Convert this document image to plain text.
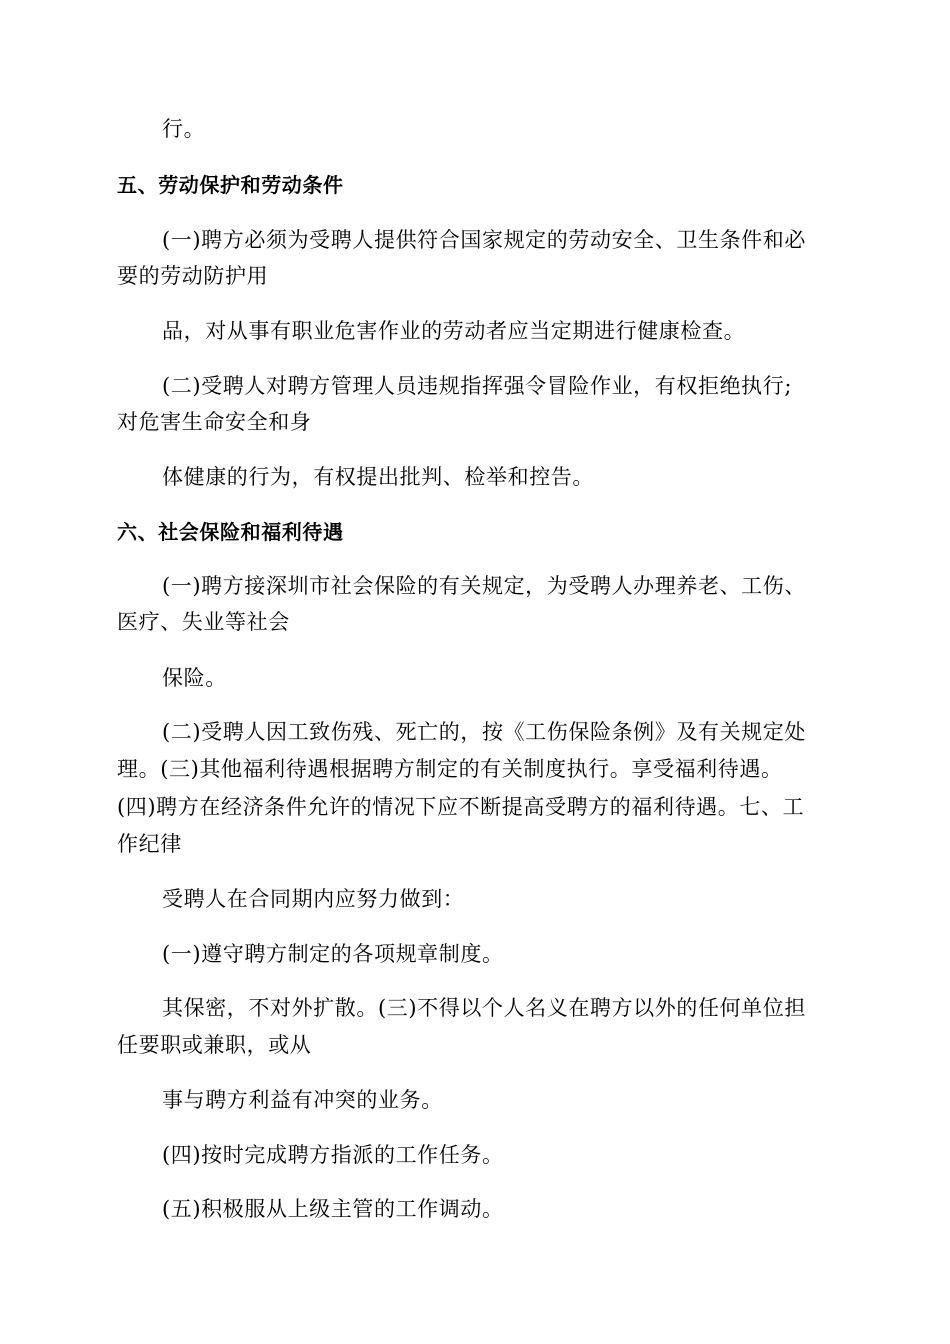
行。
五、劳动保护和劳动条件
(一)聘方必须为受聘人提供符合国家规定的劳动安全、卫生条件和必
要的劳动防护用
品，对从事有职业危害作业的劳动者应当定期进行健康检查。
(二)受聘人对聘方管理人员违规指挥强令冒险作业，有权拒绝执行;
对危害生命安全和身
体健康的行为，有权提出批判、检举和控告。
六、社会保险和福利待遇
(一)聘方接深圳市社会保险的有关规定，为受聘人办理养老、工伤、
医疗、失业等社会
保险。
(二)受聘人因工致伤残、死亡的，按《工伤保险条例》及有关规定处
理。(三)其他福利待遇根据聘方制定的有关制度执行。享受福利待遇。
(四)聘方在经济条件允许的情况下应不断提高受聘方的福利待遇。七、工
作纪律
受聘人在合同期内应努力做到：
(一)遵守聘方制定的各项规章制度。
其保密，不对外扩散。(三)不得以个人名义在聘方以外的任何单位担
任要职或兼职，或从
事与聘方利益有冲突的业务。
(四)按时完成聘方指派的工作任务。
(五)积极服从上级主管的工作调动。
